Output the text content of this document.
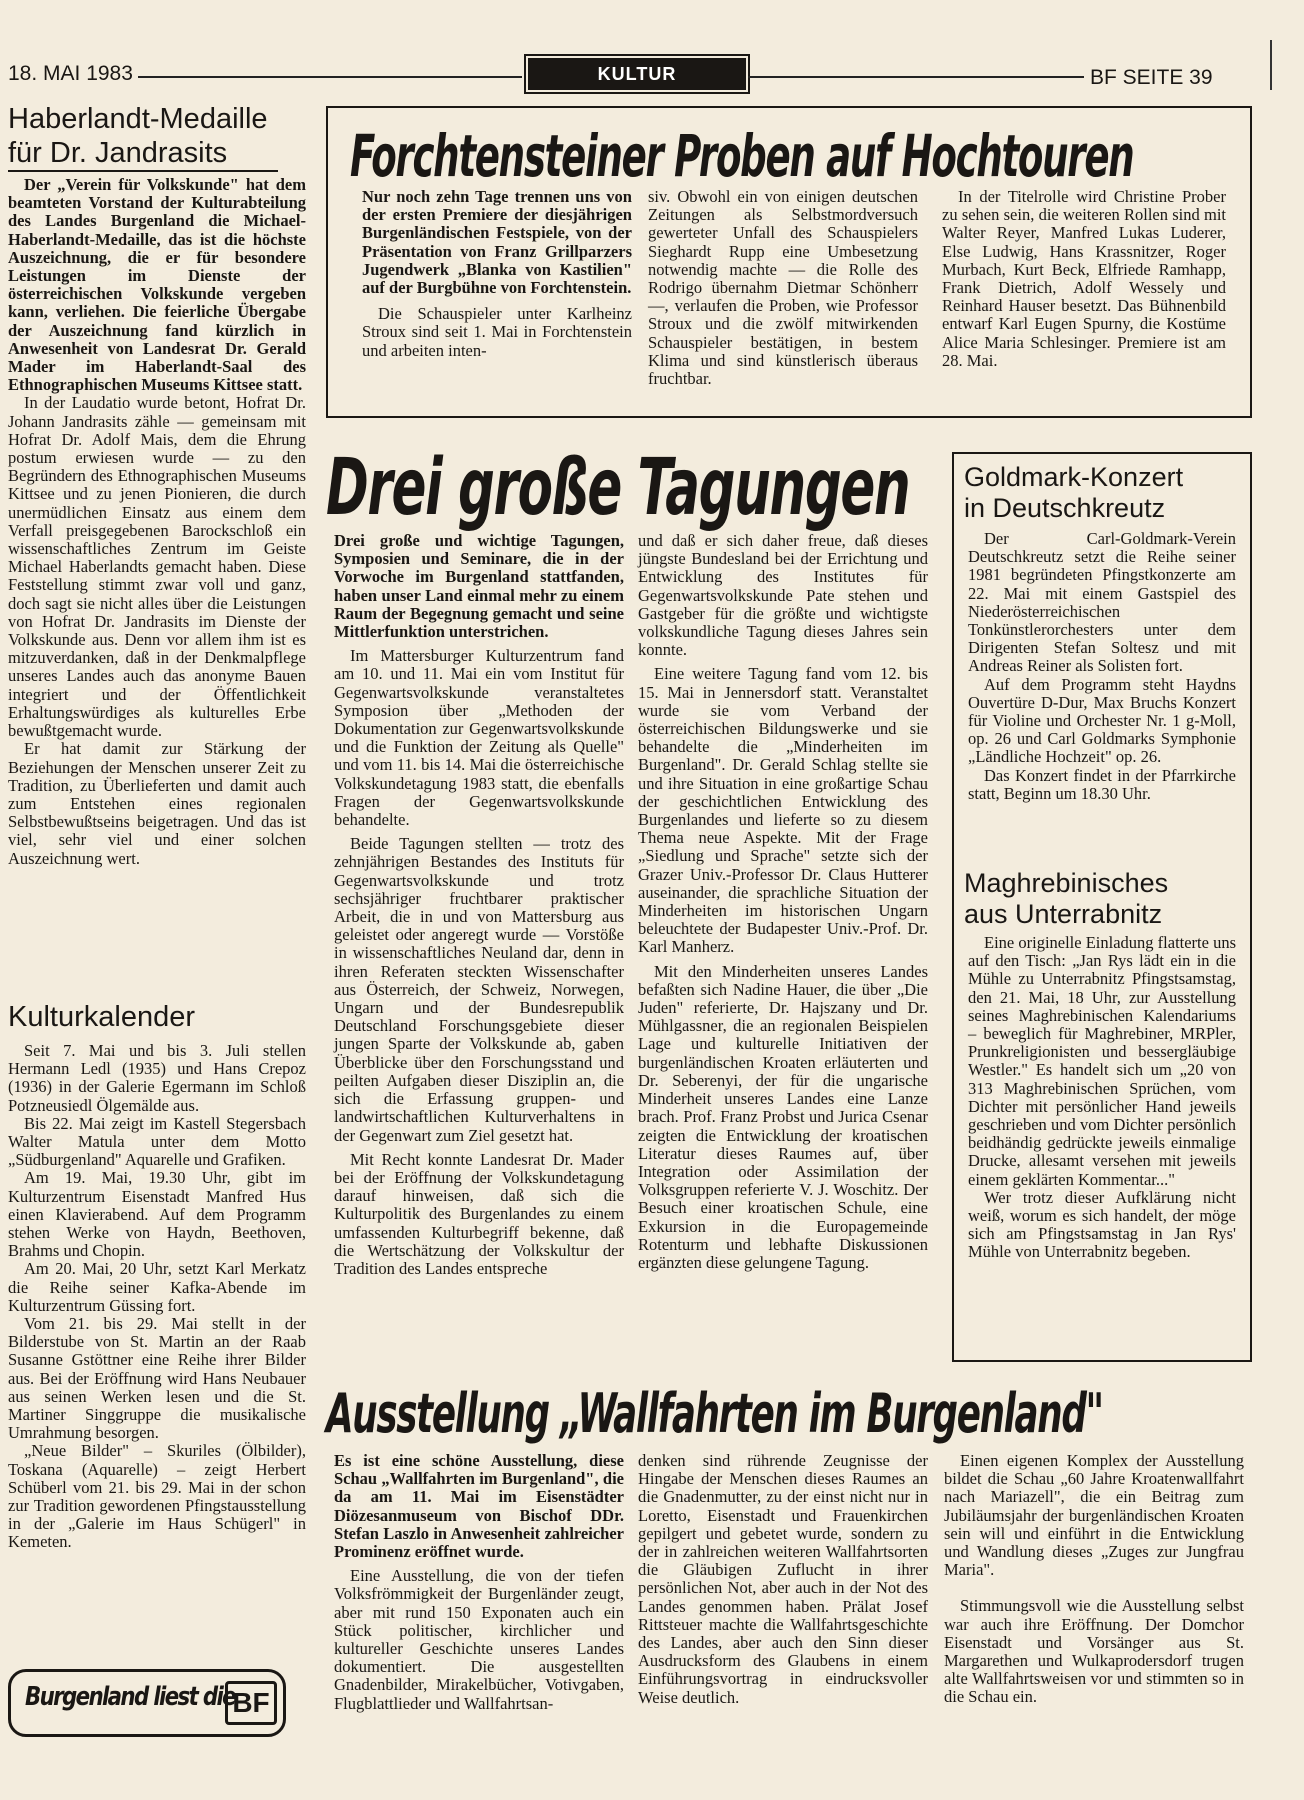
18. MAI 1983	KULTUR	BF SEITE 39
Haberlandt-Medaille
für Dr. Jandrasits

Der „Verein für Volkskunde" hat dem beamteten Vorstand der Kulturabteilung des Landes Burgenland die Michael-Haberlandt-Medaille, das ist die höchste Auszeichnung, die er für besondere Leistungen im Dienste der österreichischen Volkskunde vergeben kann, verliehen. Die feierliche Übergabe der Auszeichnung fand kürzlich in Anwesenheit von Landesrat Dr. Gerald Mader im Haberlandt-Saal des Ethnographischen Museums Kittsee statt.

In der Laudatio wurde betont, Hofrat Dr. Johann Jandrasits zähle — gemeinsam mit Hofrat Dr. Adolf Mais, dem die Ehrung postum erwiesen wurde — zu den Begründern des Ethnographischen Museums Kittsee und zu jenen Pionieren, die durch unermüdlichen Einsatz aus einem dem Verfall preisgegebenen Barockschloß ein wissenschaftliches Zentrum im Geiste Michael Haberlandts gemacht haben. Diese Feststellung stimmt zwar voll und ganz, doch sagt sie nicht alles über die Leistungen von Hofrat Dr. Jandrasits im Dienste der Volkskunde aus. Denn vor allem ihm ist es mitzuverdanken, daß in der Denkmalpflege unseres Landes auch das anonyme Bauen integriert und der Öffentlichkeit Erhaltungswürdiges als kulturelles Erbe bewußtgemacht wurde.

Er hat damit zur Stärkung der Beziehungen der Menschen unserer Zeit zu Tradition, zu Überlieferten und damit auch zum Entstehen eines regionalen Selbstbewußtseins beigetragen. Und das ist viel, sehr viel und einer solchen Auszeichnung wert.

Kulturkalender

Seit 7. Mai und bis 3. Juli stellen Hermann Ledl (1935) und Hans Crepoz (1936) in der Galerie Egermann im Schloß Potzneusiedl Ölgemälde aus.

Bis 22. Mai zeigt im Kastell Stegersbach Walter Matula unter dem Motto „Südburgenland" Aquarelle und Grafiken.

Am 19. Mai, 19.30 Uhr, gibt im Kulturzentrum Eisenstadt Manfred Hus einen Klavierabend. Auf dem Programm stehen Werke von Haydn, Beethoven, Brahms und Chopin.

Am 20. Mai, 20 Uhr, setzt Karl Merkatz die Reihe seiner Kafka-Abende im Kulturzentrum Güssing fort.

Vom 21. bis 29. Mai stellt in der Bilderstube von St. Martin an der Raab Susanne Gstöttner eine Reihe ihrer Bilder aus. Bei der Eröffnung wird Hans Neubauer aus seinen Werken lesen und die St. Martiner Singgruppe die musikalische Umrahmung besorgen.

„Neue Bilder" – Skuriles (Ölbilder), Toskana (Aquarelle) – zeigt Herbert Schüberl vom 21. bis 29. Mai in der schon zur Tradition gewordenen Pfingstausstellung in der „Galerie im Haus Schügerl" in Kemeten.

Burgenland liest die
BF
Forchtensteiner Proben auf Hochtouren

Nur noch zehn Tage trennen uns von der ersten Premiere der diesjährigen Burgenländischen Festspiele, von der Präsentation von Franz Grillparzers Jugendwerk „Blanka von Kastilien" auf der Burgbühne von Forchtenstein.

Die Schauspieler unter Karlheinz Stroux sind seit 1. Mai in Forchtenstein und arbeiten inten-

siv. Obwohl ein von einigen deutschen Zeitungen als Selbstmordversuch gewerteter Unfall des Schauspielers Sieghardt Rupp eine Umbesetzung notwendig machte — die Rolle des Rodrigo übernahm Dietmar Schönherr —, verlaufen die Proben, wie Professor Stroux und die zwölf mitwirkenden Schauspieler bestätigen, in bestem Klima und sind künstlerisch überaus fruchtbar.

In der Titelrolle wird Christine Prober zu sehen sein, die weiteren Rollen sind mit Walter Reyer, Manfred Lukas Luderer, Else Ludwig, Hans Krassnitzer, Roger Murbach, Kurt Beck, Elfriede Ramhapp, Frank Dietrich, Adolf Wessely und Reinhard Hauser besetzt. Das Bühnenbild entwarf Karl Eugen Spurny, die Kostüme Alice Maria Schlesinger. Premiere ist am 28. Mai.

Drei große Tagungen

Drei große und wichtige Tagungen, Symposien und Seminare, die in der Vorwoche im Burgenland stattfanden, haben unser Land einmal mehr zu einem Raum der Begegnung gemacht und seine Mittlerfunktion unterstrichen.

Im Mattersburger Kulturzentrum fand am 10. und 11. Mai ein vom Institut für Gegenwartsvolkskunde veranstaltetes Symposion über „Methoden der Dokumentation zur Gegenwartsvolkskunde und die Funktion der Zeitung als Quelle" und vom 11. bis 14. Mai die österreichische Volkskundetagung 1983 statt, die ebenfalls Fragen der Gegenwartsvolkskunde behandelte.

Beide Tagungen stellten — trotz des zehnjährigen Bestandes des Instituts für Gegenwartsvolkskunde und trotz sechsjähriger fruchtbarer praktischer Arbeit, die in und von Mattersburg aus geleistet oder angeregt wurde — Vorstöße in wissenschaftliches Neuland dar, denn in ihren Referaten steckten Wissenschafter aus Österreich, der Schweiz, Norwegen, Ungarn und der Bundesrepublik Deutschland Forschungsgebiete dieser jungen Sparte der Volkskunde ab, gaben Überblicke über den Forschungsstand und peilten Aufgaben dieser Disziplin an, die sich die Erfassung gruppen- und landwirtschaftlichen Kulturverhaltens in der Gegenwart zum Ziel gesetzt hat.

Mit Recht konnte Landesrat Dr. Mader bei der Eröffnung der Volkskundetagung darauf hinweisen, daß sich die Kulturpolitik des Burgenlandes zu einem umfassenden Kulturbegriff bekenne, daß die Wertschätzung der Volkskultur der Tradition des Landes entspreche

und daß er sich daher freue, daß dieses jüngste Bundesland bei der Errichtung und Entwicklung des Institutes für Gegenwartsvolkskunde Pate stehen und Gastgeber für die größte und wichtigste volkskundliche Tagung dieses Jahres sein konnte.

Eine weitere Tagung fand vom 12. bis 15. Mai in Jennersdorf statt. Veranstaltet wurde sie vom Verband der österreichischen Bildungswerke und sie behandelte die „Minderheiten im Burgenland". Dr. Gerald Schlag stellte sie und ihre Situation in eine großartige Schau der geschichtlichen Entwicklung des Burgenlandes und lieferte so zu diesem Thema neue Aspekte. Mit der Frage „Siedlung und Sprache" setzte sich der Grazer Univ.-Professor Dr. Claus Hutterer auseinander, die sprachliche Situation der Minderheiten im historischen Ungarn beleuchtete der Budapester Univ.-Prof. Dr. Karl Manherz.

Mit den Minderheiten unseres Landes befaßten sich Nadine Hauer, die über „Die Juden" referierte, Dr. Hajszany und Dr. Mühlgassner, die an regionalen Beispielen Lage und kulturelle Initiativen der burgenländischen Kroaten erläuterten und Dr. Seberenyi, der für die ungarische Minderheit unseres Landes eine Lanze brach. Prof. Franz Probst und Jurica Csenar zeigten die Entwicklung der kroatischen Literatur dieses Raumes auf, über Integration oder Assimilation der Volksgruppen referierte V. J. Woschitz. Der Besuch einer kroatischen Schule, eine Exkursion in die Europagemeinde Rotenturm und lebhafte Diskussionen ergänzten diese gelungene Tagung.

Goldmark-Konzert
in Deutschkreutz

Der Carl-Goldmark-Verein Deutschkreutz setzt die Reihe seiner 1981 begründeten Pfingstkonzerte am 22. Mai mit einem Gastspiel des Niederösterreichischen Tonkünstlerorchesters unter dem Dirigenten Stefan Soltesz und mit Andreas Reiner als Solisten fort.

Auf dem Programm steht Haydns Ouvertüre D-Dur, Max Bruchs Konzert für Violine und Orchester Nr. 1 g-Moll, op. 26 und Carl Goldmarks Symphonie „Ländliche Hochzeit" op. 26.

Das Konzert findet in der Pfarrkirche statt, Beginn um 18.30 Uhr.

Maghrebinisches
aus Unterrabnitz

Eine originelle Einladung flatterte uns auf den Tisch: „Jan Rys lädt ein in die Mühle zu Unterrabnitz Pfingstsamstag, den 21. Mai, 18 Uhr, zur Ausstellung seines Maghrebinischen Kalendariums – beweglich für Maghrebiner, MRPler, Prunkreligionisten und bessergläubige Westler." Es handelt sich um „20 von 313 Maghrebinischen Sprüchen, vom Dichter mit persönlicher Hand jeweils geschrieben und vom Dichter persönlich beidhändig gedrückte jeweils einmalige Drucke, allesamt versehen mit jeweils einem geklärten Kommentar..."

Wer trotz dieser Aufklärung nicht weiß, worum es sich handelt, der möge sich am Pfingstsamstag in Jan Rys' Mühle von Unterrabnitz begeben.

Ausstellung „Wallfahrten im Burgenland"

Es ist eine schöne Ausstellung, diese Schau „Wallfahrten im Burgenland", die da am 11. Mai im Eisenstädter Diözesanmuseum von Bischof DDr. Stefan Laszlo in Anwesenheit zahlreicher Prominenz eröffnet wurde.

Eine Ausstellung, die von der tiefen Volksfrömmigkeit der Burgenländer zeugt, aber mit rund 150 Exponaten auch ein Stück politischer, kirchlicher und kultureller Geschichte unseres Landes dokumentiert. Die ausgestellten Gnadenbilder, Mirakelbücher, Votivgaben, Flugblattlieder und Wallfahrtsan-

denken sind rührende Zeugnisse der Hingabe der Menschen dieses Raumes an die Gnadenmutter, zu der einst nicht nur in Loretto, Eisenstadt und Frauenkirchen gepilgert und gebetet wurde, sondern zu der in zahlreichen weiteren Wallfahrtsorten die Gläubigen Zuflucht in ihrer persönlichen Not, aber auch in der Not des Landes genommen haben. Prälat Josef Rittsteuer machte die Wallfahrtsgeschichte des Landes, aber auch den Sinn dieser Ausdrucksform des Glaubens in einem Einführungsvortrag in eindrucksvoller Weise deutlich.

Einen eigenen Komplex der Ausstellung bildet die Schau „60 Jahre Kroatenwallfahrt nach Mariazell", die ein Beitrag zum Jubiläumsjahr der burgenländischen Kroaten sein will und einführt in die Entwicklung und Wandlung dieses „Zuges zur Jungfrau Maria".

Stimmungsvoll wie die Ausstellung selbst war auch ihre Eröffnung. Der Domchor Eisenstadt und Vorsänger aus St. Margarethen und Wulkaprodersdorf trugen alte Wallfahrtsweisen vor und stimmten so in die Schau ein.
